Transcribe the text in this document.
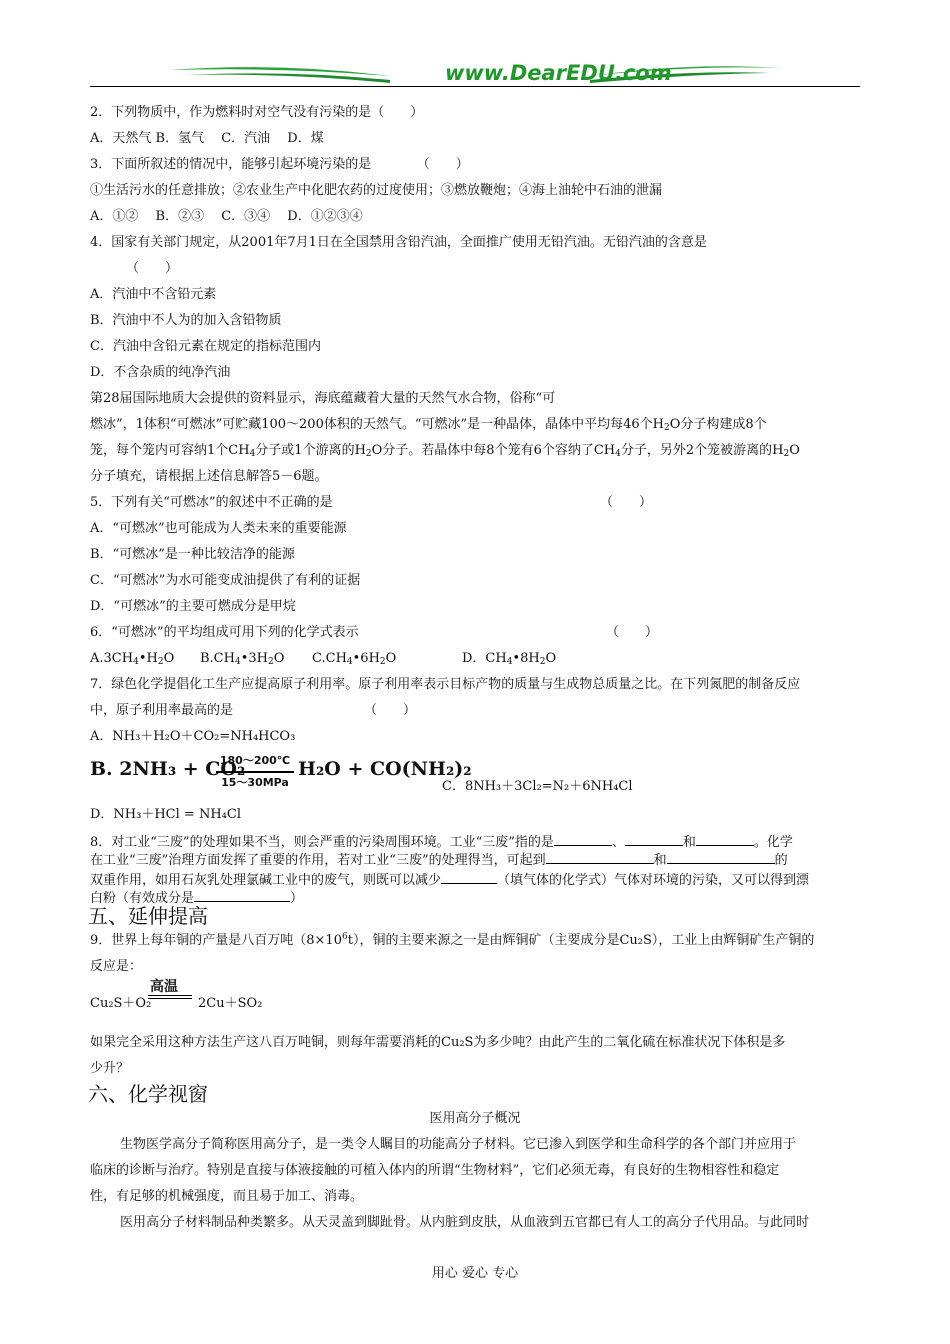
www.DearEDU.com
2．下列物质中，作为燃料时对空气没有污染的是（　　）
A．天然气 B．氢气　 C．汽油　 D．煤
3．下面所叙述的情况中，能够引起环境污染的是　　　　（　　）
①生活污水的任意排放；②农业生产中化肥农药的过度使用；③燃放鞭炮；④海上油轮中石油的泄漏
A．①②　 B．②③　 C．③④　 D．①②③④
4．国家有关部门规定，从2001年7月1日在全国禁用含铅汽油，全面推广使用无铅汽油。无铅汽油的含意是
（　　）
A．汽油中不含铅元素
B．汽油中不人为的加入含铅物质
C．汽油中含铅元素在规定的指标范围内
D．不含杂质的纯净汽油
第28届国际地质大会提供的资料显示，海底蕴藏着大量的天然气水合物，俗称“可
燃冰”，1体积“可燃冰”可贮藏100～200体积的天然气。“可燃冰”是一种晶体，晶体中平均每46个$H_2O$分子构建成8个
笼，每个笼内可容纳1个$CH_4$分子或1个游离的$H_2O$分子。若晶体中每8个笼有6个容纳了$CH_4$分子，另外2个笼被游离的$H_2O$
分子填充，请根据上述信息解答5－6题。
5．下列有关“可燃冰”的叙述中不正确的是	（　　）
A．“可燃冰”也可能成为人类未来的重要能源
B．“可燃冰”是一种比较洁净的能源
C．“可燃冰”为水可能变成油提供了有利的证据
D．“可燃冰”的主要可燃成分是甲烷
6．“可燃冰”的平均组成可用下列的化学式表示	（　　）
$A.3CH_4•H_2O$ $B.CH_4•3H_2O$ $C.CH_4•6H_2O$	D．$CH_4•8H_2O$
7．绿色化学提倡化工生产应提高原子利用率。原子利用率表示目标产物的质量与生成物总质量之比。在下列氮肥的制备反应
中，原子利用率最高的是	（　　）
A．NH₃＋H₂O＋CO₂=NH₄HCO₃
B. 2NH₃ + CO₂
180～200℃
15～30MPa
H₂O + CO(NH₂)₂
C．8NH₃＋3Cl₂=N₂＋6NH₄Cl
D．NH₃＋HCl = NH₄Cl
8．对工业“三废”的处理如果不当，则会严重的污染周围环境。工业“三废”指的是	、	和	。化学
在工业“三废”治理方面发挥了重要的作用，若对工业“三废”的处理得当，可起到	和	的
双重作用，如用石灰乳处理氯碱工业中的废气，则既可以减少	（填气体的化学式）气体对环境的污染，又可以得到漂
白粉（有效成分是	）
五、延伸提高
9．世界上每年铜的产量是八百万吨$(8\times 10^6t)$，铜的主要来源之一是由辉铜矿（主要成分是Cu₂S），工业上由辉铜矿生产铜的
反应是：
Cu₂S＋O₂
高温
2Cu＋SO₂
如果完全采用这种方法生产这八百万吨铜，则每年需要消耗的Cu₂S为多少吨？由此产生的二氧化硫在标准状况下体积是多
少升？
六、化学视窗
医用高分子概况
生物医学高分子简称医用高分子，是一类令人瞩目的功能高分子材料。它已渗入到医学和生命科学的各个部门并应用于
临床的诊断与治疗。特别是直接与体液接触的可植入体内的所谓“生物材料”，它们必须无毒，有良好的生物相容性和稳定
性，有足够的机械强度，而且易于加工、消毒。
医用高分子材料制品种类繁多。从天灵盖到脚趾骨。从内脏到皮肤，从血液到五官都已有人工的高分子代用品。与此同时
用心 爱心 专心
